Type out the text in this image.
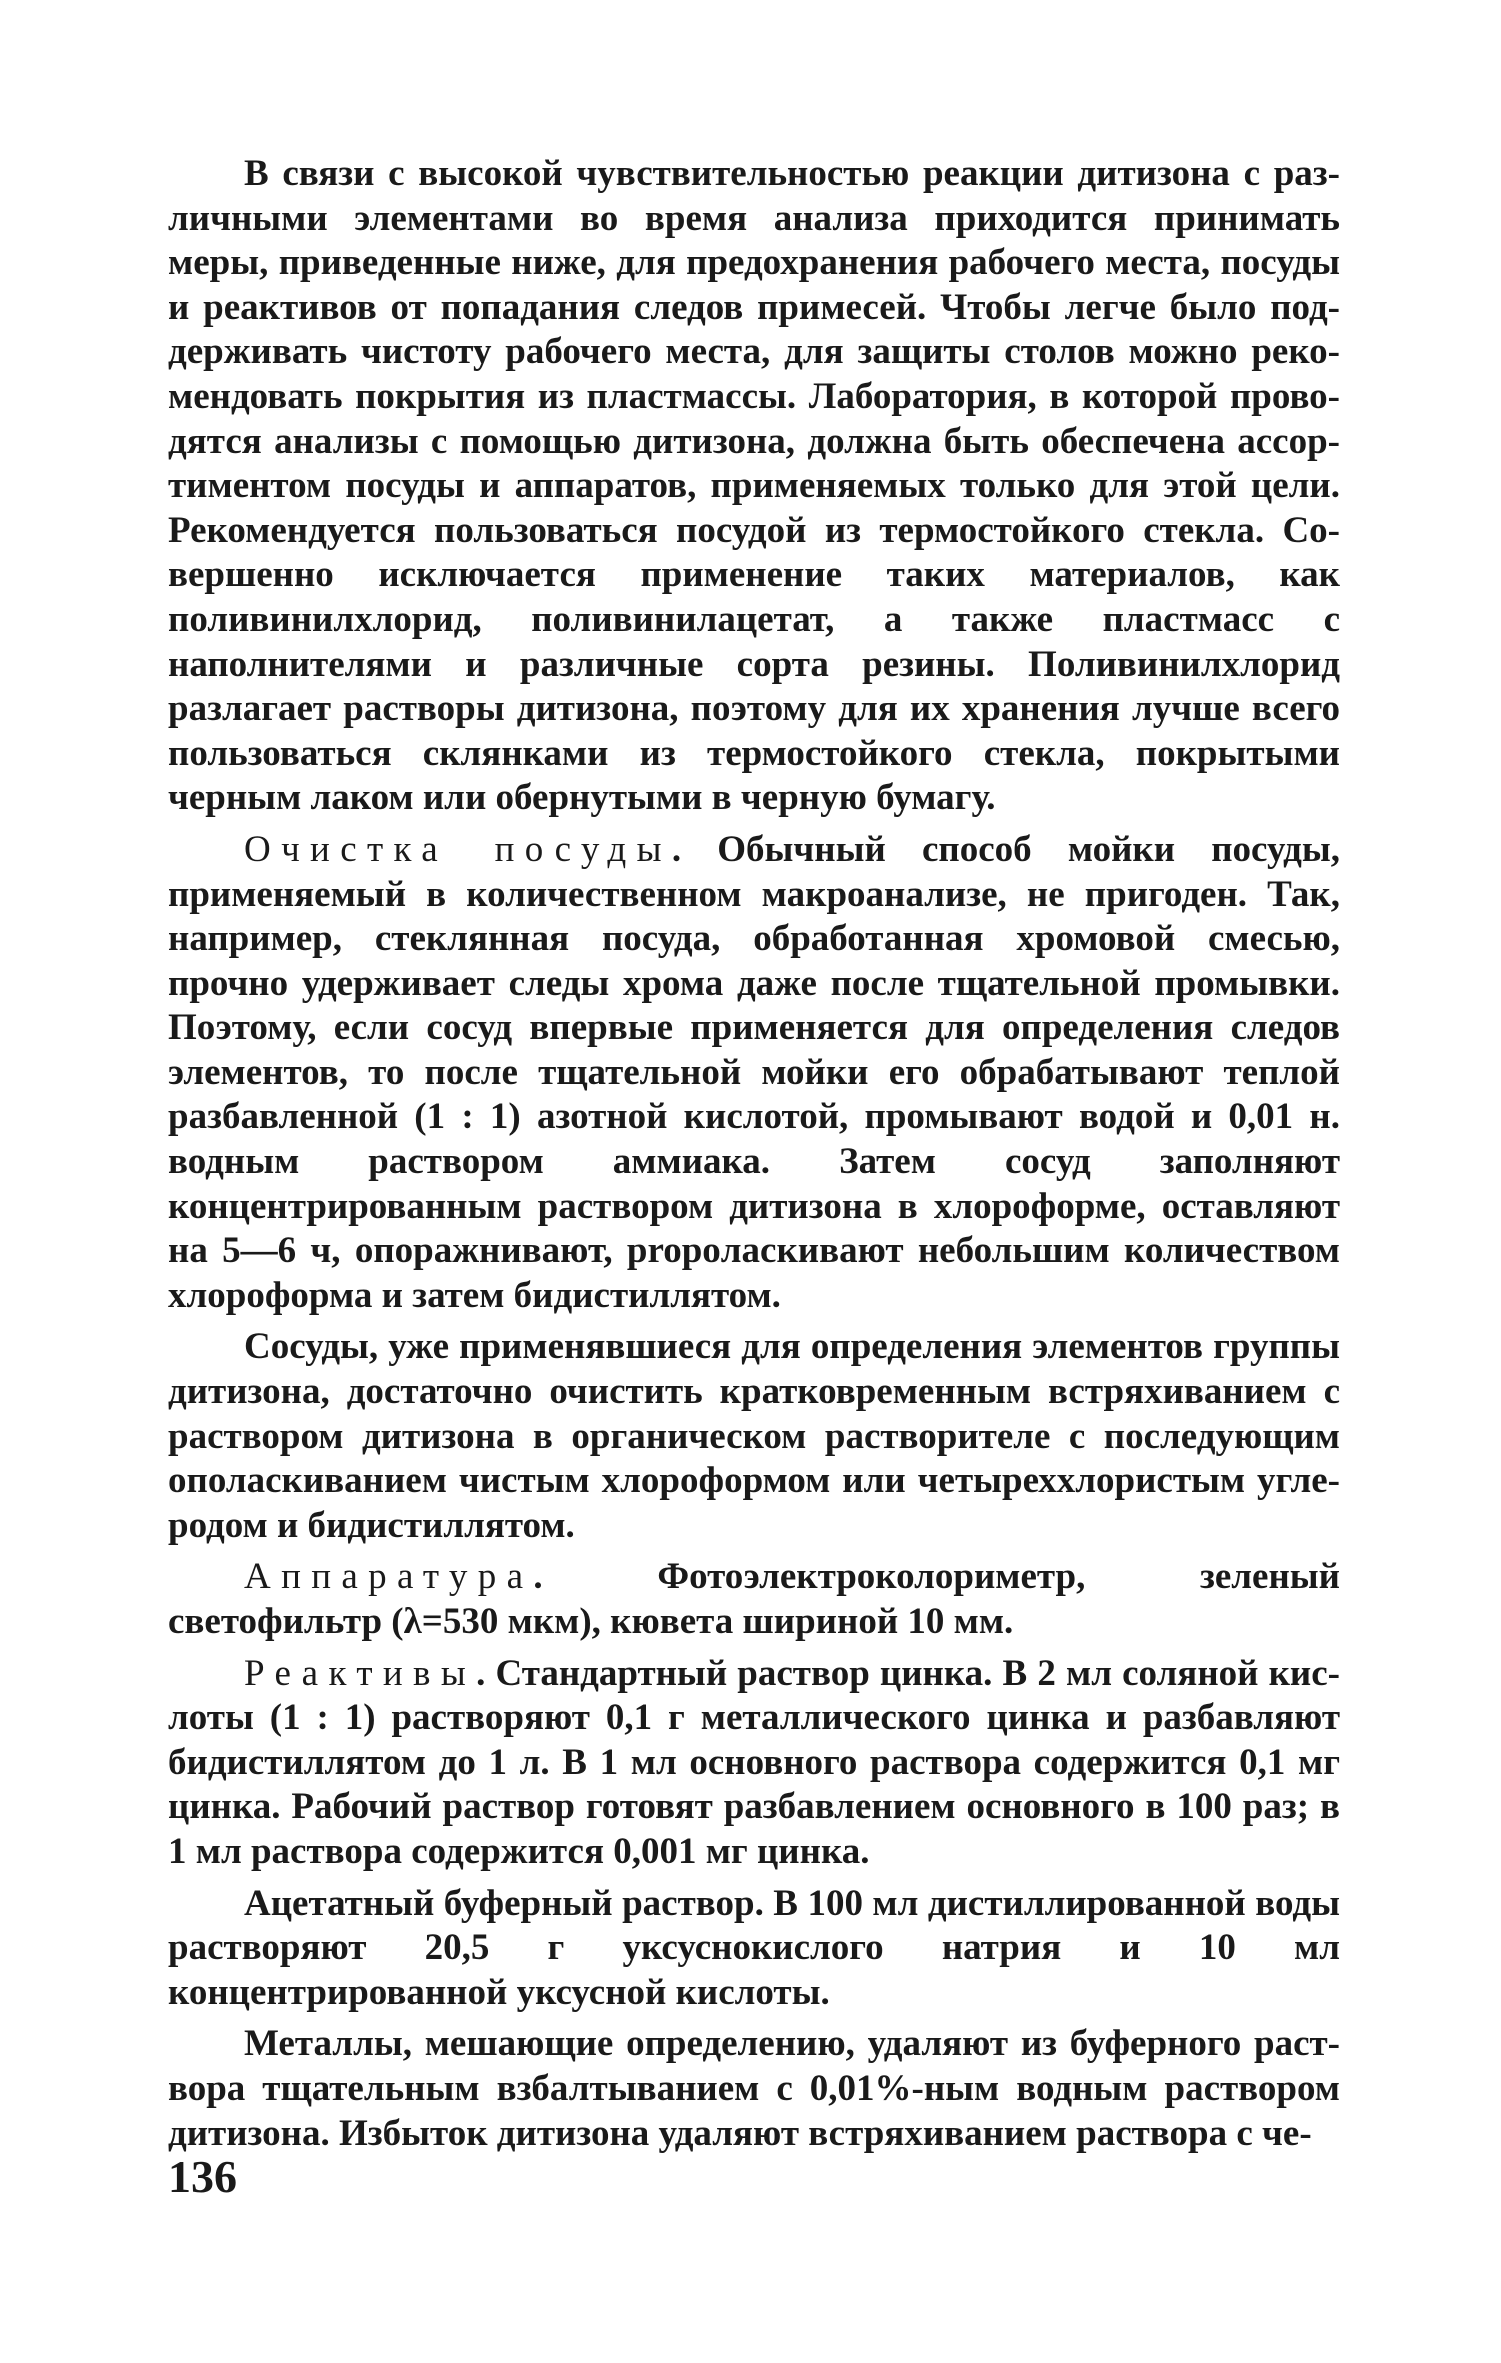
В связи с высокой чувствительностью реакции дитизона с различными элементами во время анализа приходится принимать меры, приведенные ниже, для предохранения рабочего места, посуды и реактивов от попадания следов примесей. Чтобы легче было поддерживать чистоту рабочего места, для защиты столов можно рекомендовать покрытия из пластмассы. Лаборатория, в которой проводятся анализы с помощью дитизона, должна быть обеспечена ассортиментом посуды и аппаратов, применяемых только для этой цели. Рекомендуется пользоваться посудой из термостойкого стекла. Совершенно исключается применение таких материалов, как поливинилхлорид, поливинилацетат, а также пластмасс с наполнителями и различные сорта резины. Поливинилхлорид разлагает растворы дитизона, поэтому для их хранения лучше всего пользоваться склянками из термостойкого стекла, покрытыми черным лаком или обернутыми в черную бумагу.

Очистка посуды. Обычный способ мойки посуды, применяемый в количественном макроанализе, не пригоден. Так, например, стеклянная посуда, обработанная хромовой смесью, прочно удерживает следы хрома даже после тщательной промывки. Поэтому, если сосуд впервые применяется для определения следов элементов, то после тщательной мойки его обрабатывают теплой разбавленной (1 : 1) азотной кислотой, промывают водой и 0,01 н. водным раствором аммиака. Затем сосуд заполняют концентрированным раствором дитизона в хлороформе, оставляют на 5—6 ч, опоражнивают, propoласкивают небольшим количеством хлороформа и затем бидистиллятом.

Сосуды, уже применявшиеся для определения элементов группы дитизона, достаточно очистить кратковременным встряхиванием с раствором дитизона в органическом растворителе с последующим ополаскиванием чистым хлороформом или четыреххлористым углеродом и бидистиллятом.

Аппаратура. Фотоэлектроколориметр, зеленый светофильтр (λ=530 мкм), кювета шириной 10 мм.

Реактивы. Стандартный раствор цинка. В 2 мл соляной кислоты (1 : 1) растворяют 0,1 г металлического цинка и разбавляют бидистиллятом до 1 л. В 1 мл основного раствора содержится 0,1 мг цинка. Рабочий раствор готовят разбавлением основного в 100 раз; в 1 мл раствора содержится 0,001 мг цинка.

Ацетатный буферный раствор. В 100 мл дистиллированной воды растворяют 20,5 г уксуснокислого натрия и 10 мл концентрированной уксусной кислоты.

Металлы, мешающие определению, удаляют из буферного раствора тщательным взбалтыванием с 0,01%-ным водным раствором дитизона. Избыток дитизона удаляют встряхиванием раствора с че-

136
